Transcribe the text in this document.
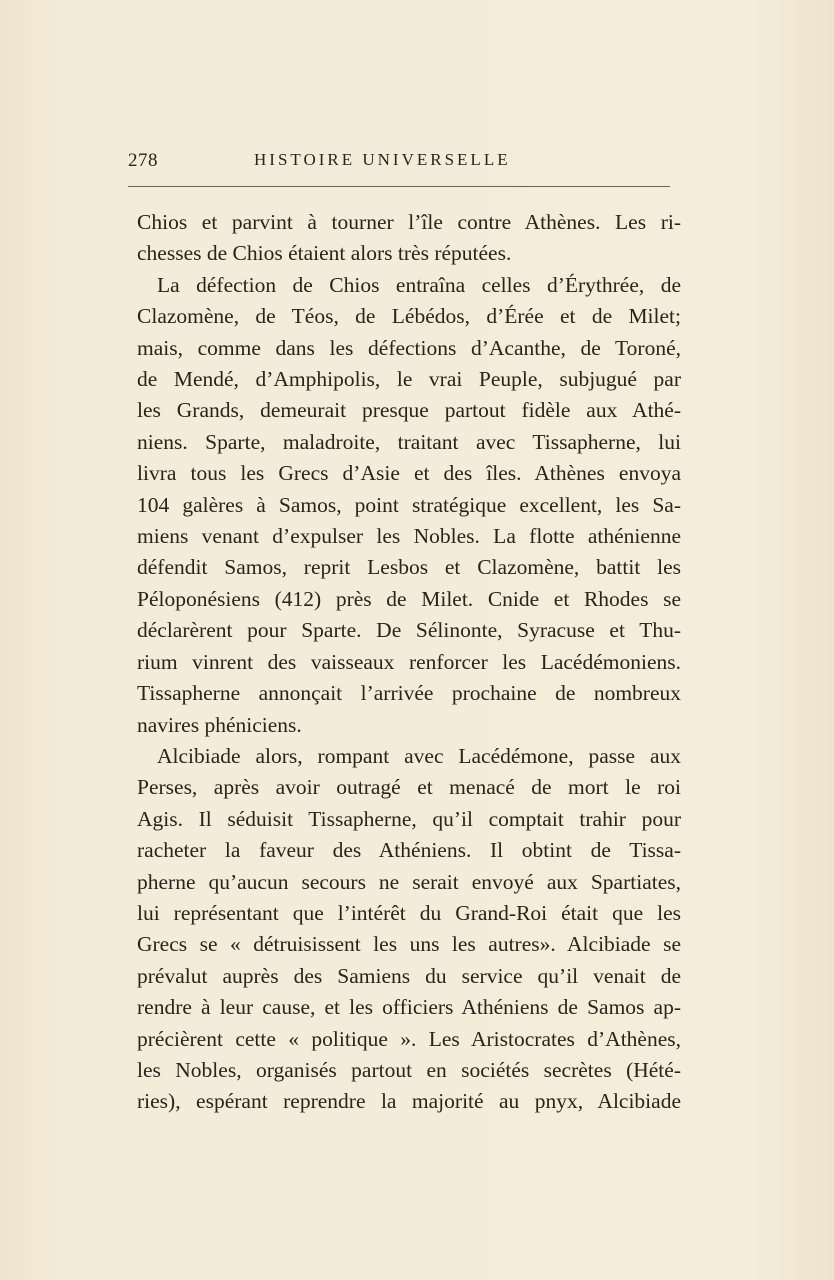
278	HISTOIRE UNIVERSELLE
Chios et parvint à tourner l’île contre Athènes. Les ri-
chesses de Chios étaient alors très réputées.
La défection de Chios entraîna celles d’Érythrée, de
Clazomène, de Téos, de Lébédos, d’Érée et de Milet;
mais, comme dans les défections d’Acanthe, de Toroné,
de Mendé, d’Amphipolis, le vrai Peuple, subjugué par
les Grands, demeurait presque partout fidèle aux Athé-
niens. Sparte, maladroite, traitant avec Tissapherne, lui
livra tous les Grecs d’Asie et des îles. Athènes envoya
104 galères à Samos, point stratégique excellent, les Sa-
miens venant d’expulser les Nobles. La flotte athénienne
défendit Samos, reprit Lesbos et Clazomène, battit les
Péloponésiens (412) près de Milet. Cnide et Rhodes se
déclarèrent pour Sparte. De Sélinonte, Syracuse et Thu-
rium vinrent des vaisseaux renforcer les Lacédémoniens.
Tissapherne annonçait l’arrivée prochaine de nombreux
navires phéniciens.
Alcibiade alors, rompant avec Lacédémone, passe aux
Perses, après avoir outragé et menacé de mort le roi
Agis. Il séduisit Tissapherne, qu’il comptait trahir pour
racheter la faveur des Athéniens. Il obtint de Tissa-
pherne qu’aucun secours ne serait envoyé aux Spartiates,
lui représentant que l’intérêt du Grand-Roi était que les
Grecs se « détruisissent les uns les autres». Alcibiade se
prévalut auprès des Samiens du service qu’il venait de
rendre à leur cause, et les officiers Athéniens de Samos ap-
précièrent cette « politique ». Les Aristocrates d’Athènes,
les Nobles, organisés partout en sociétés secrètes (Hété-
ries), espérant reprendre la majorité au pnyx, Alcibiade
